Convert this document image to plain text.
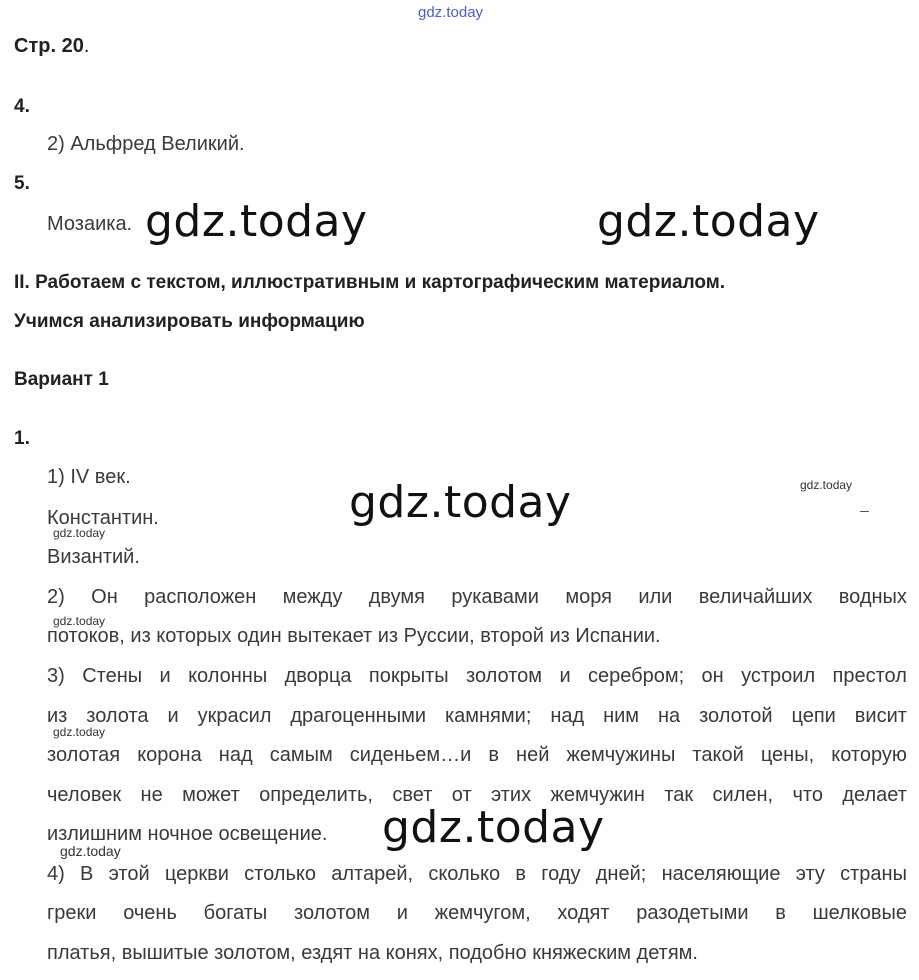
gdz.today
Стр. 20.
4.
2) Альфред Великий.
5.
Мозаика. gdz.today	gdz.today
II. Работаем с текстом, иллюстративным и картографическим материалом.
Учимся анализировать информацию
Вариант 1
1.
1) IV век.	gdz.today	gdz.today
Константин.
gdz.today
Византий.
2) Он расположен между двумя рукавами моря или величайших водных
gdz.today
потоков, из которых один вытекает из Руссии, второй из Испании.
3) Стены и колонны дворца покрыты золотом и серебром; он устроил престол
из золота и украсил драгоценными камнями; над ним на золотой цепи висит
gdz.today
золотая корона над самым сиденьем…и в ней жемчужины такой цены, которую
человек не может определить, свет от этих жемчужин так силен, что делает
излишним ночное освещение. gdz.today
gdz.today
4) В этой церкви столько алтарей, сколько в году дней; населяющие эту страны
греки очень богаты золотом и жемчугом, ходят разодетыми в шелковые
платья, вышитые золотом, ездят на конях, подобно княжеским детям.
